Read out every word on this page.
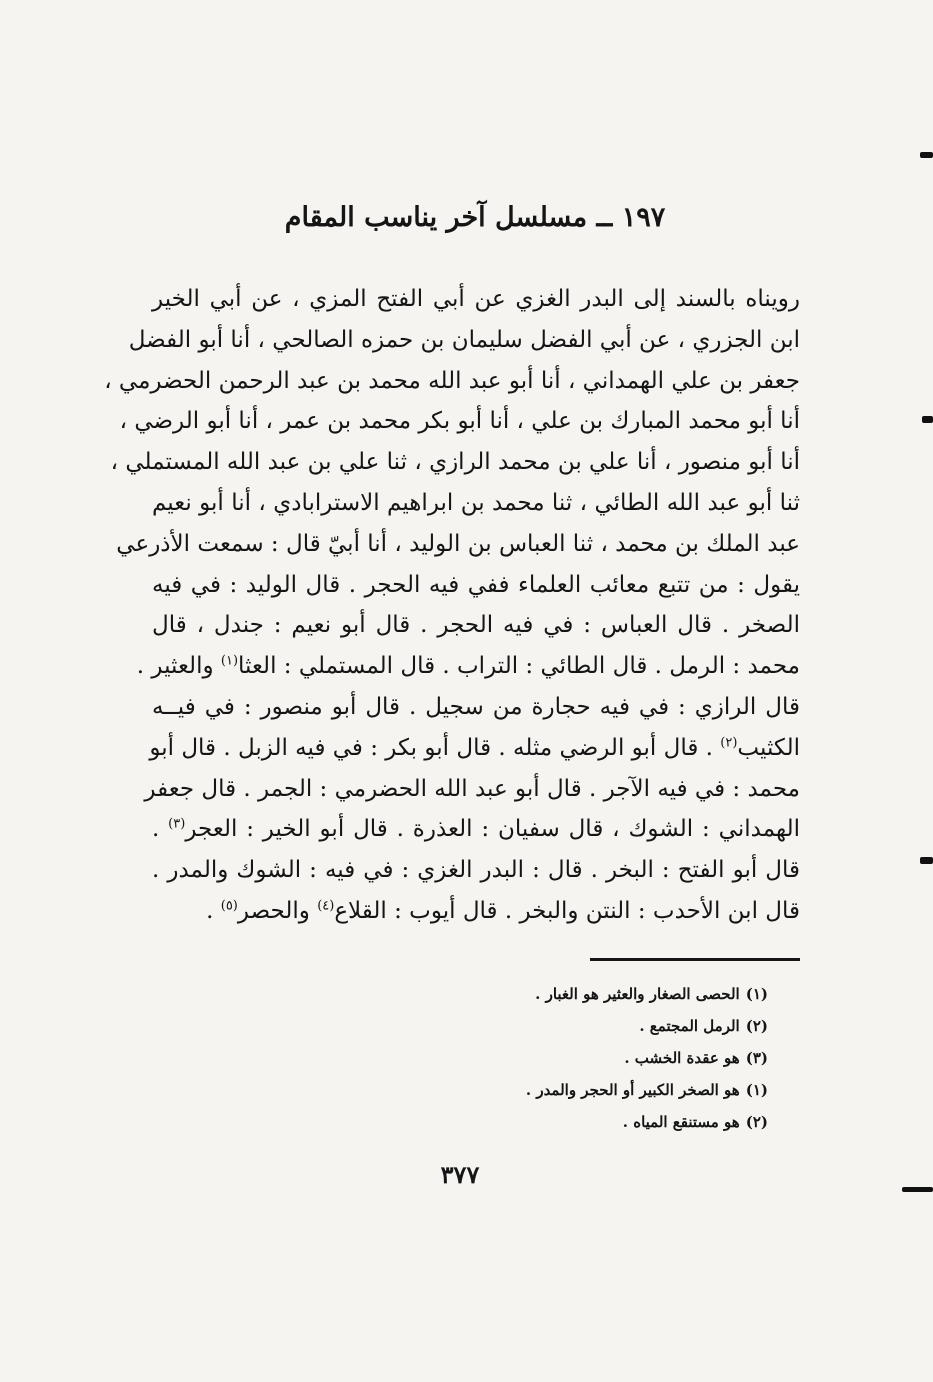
١٩٧ ــ مسلسل آخر يناسب المقام
رويناه بالسند إلى البدر الغزي عن أبي الفتح المزي ، عن أبي الخير
ابن الجزري ، عن أبي الفضل سليمان بن حمزه الصالحي ، أنا أبو الفضل
جعفر بن علي الهمداني ، أنا أبو عبد الله محمد بن عبد الرحمن الحضرمي ،
أنا أبو محمد المبارك بن علي ، أنا أبو بكر محمد بن عمر ، أنا أبو الرضي ،
أنا أبو منصور ، أنا علي بن محمد الرازي ، ثنا علي بن عبد الله المستملي ،
ثنا أبو عبد الله الطائي ، ثنا محمد بن ابراهيم الاسترابادي ، أنا أبو نعيم
عبد الملك بن محمد ، ثنا العباس بن الوليد ، أنا أبيّ قال : سمعت الأذرعي
يقول : من تتبع معائب العلماء ففي فيه الحجر . قال الوليد : في فيه
الصخر . قال العباس : في فيه الحجر . قال أبو نعيم : جندل ، قال
محمد : الرمل . قال الطائي : التراب . قال المستملي : العثا$^{(١)}$ والعثير .
قال الرازي : في فيه حجارة من سجيل . قال أبو منصور : في فيــه
الكثيب$^{(٢)}$ . قال أبو الرضي مثله . قال أبو بكر : في فيه الزبل . قال أبو
محمد : في فيه الآجر . قال أبو عبد الله الحضرمي : الجمر . قال جعفر
الهمداني : الشوك ، قال سفيان : العذرة . قال أبو الخير : العجر$^{(٣)}$ .
قال أبو الفتح : البخر . قال : البدر الغزي : في فيه : الشوك والمدر .
قال ابن الأحدب : النتن والبخر . قال أيوب : القلاع$^{(٤)}$ والحصر$^{(٥)}$ .
(١)الحصى الصغار والعثير هو الغبار .
(٢)الرمل المجتمع .
(٣)هو عقدة الخشب .
(١)هو الصخر الكبير أو الحجر والمدر .
(٢)هو مستنقع المياه .
٣٧٧
